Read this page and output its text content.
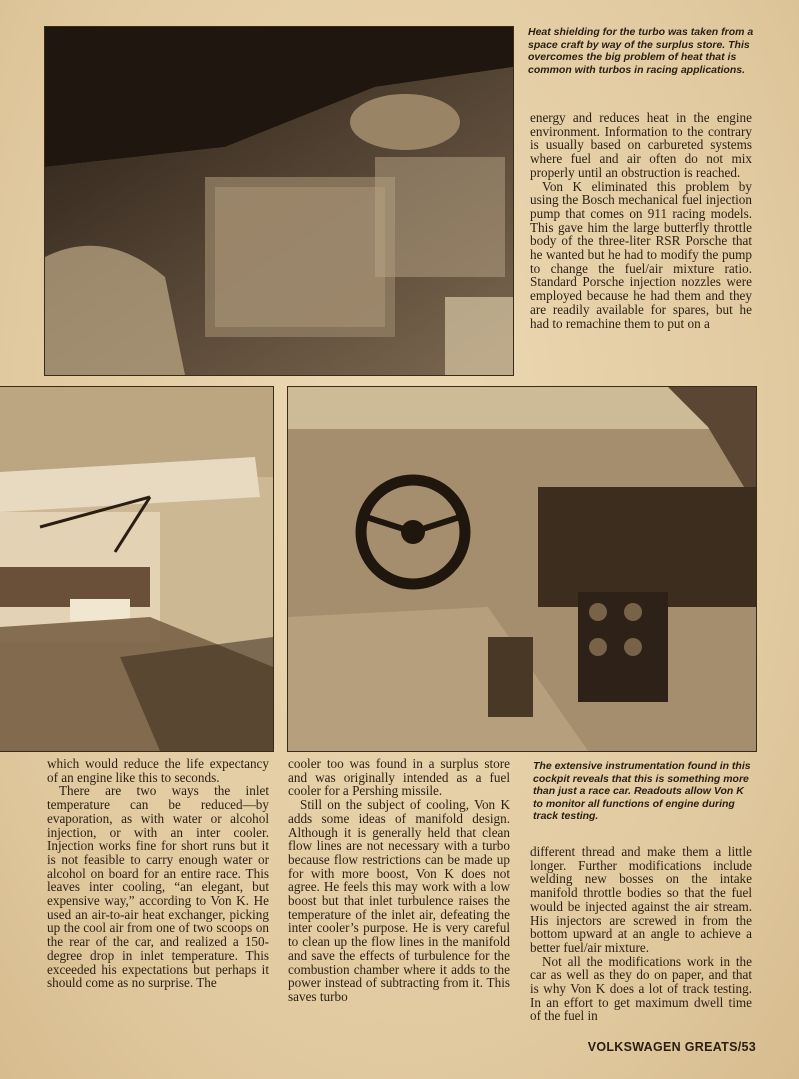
Heat shielding for the turbo was taken from a space craft by way of the surplus store. This overcomes the big problem of heat that is common with turbos in racing applications.

energy and reduces heat in the engine environment. Information to the contrary is usually based on carbureted systems where fuel and air often do not mix properly until an obstruction is reached.

Von K eliminated this problem by using the Bosch mechanical fuel injection pump that comes on 911 racing models. This gave him the large butterfly throttle body of the three-liter RSR Porsche that he wanted but he had to modify the pump to change the fuel/air mixture ratio. Standard Porsche injection nozzles were employed because he had them and they are readily available for spares, but he had to remachine them to put on a

which would reduce the life expectancy of an engine like this to seconds.

There are two ways the inlet temperature can be reduced—by evaporation, as with water or alcohol injection, or with an inter cooler. Injection works fine for short runs but it is not feasible to carry enough water or alcohol on board for an entire race. This leaves inter cooling, “an elegant, but expensive way,” according to Von K. He used an air-to-air heat exchanger, picking up the cool air from one of two scoops on the rear of the car, and realized a 150-degree drop in inlet temperature. This exceeded his expectations but perhaps it should come as no surprise. The

cooler too was found in a surplus store and was originally intended as a fuel cooler for a Pershing missile.

Still on the subject of cooling, Von K adds some ideas of manifold design. Although it is generally held that clean flow lines are not necessary with a turbo because flow restrictions can be made up for with more boost, Von K does not agree. He feels this may work with a low boost but that inlet turbulence raises the temperature of the inlet air, defeating the inter cooler’s purpose. He is very careful to clean up the flow lines in the manifold and save the effects of turbulence for the combustion chamber where it adds to the power instead of subtracting from it. This saves turbo

The extensive instrumentation found in this cockpit reveals that this is something more than just a race car. Readouts allow Von K to monitor all functions of engine during track testing.

different thread and make them a little longer. Further modifications include welding new bosses on the intake manifold throttle bodies so that the fuel would be injected against the air stream. His injectors are screwed in from the bottom upward at an angle to achieve a better fuel/air mixture.

Not all the modifications work in the car as well as they do on paper, and that is why Von K does a lot of track testing. In an effort to get maximum dwell time of the fuel in

VOLKSWAGEN GREATS/53
